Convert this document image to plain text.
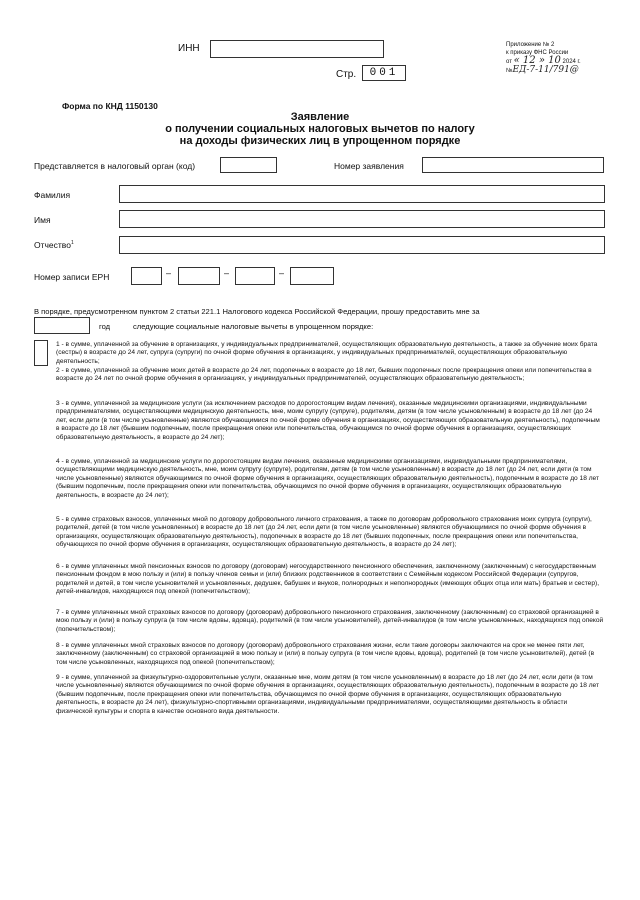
ИНН
Стр.	001
Приложение № 2
к приказу ФНС России
от « 12 » 10 2024 г.
№ЕД-7-11/791@
Форма по КНД 1150130
Заявление
о получении социальных налоговых вычетов по налогу
на доходы физических лиц в упрощенном порядке
Представляется в налоговый орган (код)	Номер заявления
Фамилия
Имя
Отчество$^1$
Номер записи ЕРН	–	–	–
В порядке, предусмотренном пунктом 2 статьи 221.1 Налогового кодекса Российской Федерации, прошу предоставить мне за
год	следующие социальные налоговые вычеты в упрощенном порядке:
1 - в сумме, уплаченной за обучение в организациях, у индивидуальных предпринимателей, осуществляющих образовательную деятельность, а также за обучение моих брата (сестры) в возрасте до 24 лет, супруга (супруги) по очной форме обучения в организациях, у индивидуальных предпринимателей, осуществляющих образовательную деятельность;
2 - в сумме, уплаченной за обучение моих детей в возрасте до 24 лет, подопечных в возрасте до 18 лет, бывших подопечных после прекращения опеки или попечительства в возрасте до 24 лет по очной форме обучения в организациях, у индивидуальных предпринимателей, осуществляющих образовательную деятельность;
3 - в сумме, уплаченной за медицинские услуги (за исключением расходов по дорогостоящим видам лечения), оказанные медицинскими организациями, индивидуальными предпринимателями, осуществляющими медицинскую деятельность, мне, моим супругу (супруге), родителям, детям (в том числе усыновленным) в возрасте до 18 лет (до 24 лет, если дети (в том числе усыновленные) являются обучающимися по очной форме обучения в организациях, осуществляющих образовательную деятельность), подопечным в возрасте до 18 лет (бывшим подопечным, после прекращения опеки или попечительства, обучающимся по очной форме обучения в организациях, осуществляющих образовательную деятельность, в возрасте до 24 лет);
4 - в сумме, уплаченной за медицинские услуги по дорогостоящим видам лечения, оказанные медицинскими организациями, индивидуальными предпринимателями, осуществляющими медицинскую деятельность, мне, моим супругу (супруге), родителям, детям (в том числе усыновленным) в возрасте до 18 лет (до 24 лет, если дети (в том числе усыновленные) являются обучающимися по очной форме обучения в организациях, осуществляющих образовательную деятельность), подопечным в возрасте до 18 лет (бывшим подопечным, после прекращения опеки или попечительства, обучающимся по очной форме обучения в организациях, осуществляющих образовательную деятельность, в возрасте до 24 лет);
5 - в сумме страховых взносов, уплаченных мной по договору добровольного личного страхования, а также по договорам добровольного страхования моих супруга (супруги), родителей, детей (в том числе усыновленных) в возрасте до 18 лет (до 24 лет, если дети (в том числе усыновленные) являются обучающимися по очной форме обучения в организациях, осуществляющих образовательную деятельность), подопечных в возрасте до 18 лет (бывших подопечных, после прекращения опеки или попечительства, обучающихся по очной форме обучения в организациях, осуществляющих образовательную деятельность, в возрасте до 24 лет);
6 - в сумме уплаченных мной пенсионных взносов по договору (договорам) негосударственного пенсионного обеспечения, заключенному (заключенным) с негосударственным пенсионным фондом в мою пользу и (или) в пользу членов семьи и (или) близких родственников в соответствии с Семейным кодексом Российской Федерации (супругов, родителей и детей, в том числе усыновителей и усыновленных, дедушек, бабушек и внуков, полнородных и неполнородных (имеющих общих отца или мать) братьев и сестер), детей-инвалидов, находящихся под опекой (попечительством);
7 - в сумме уплаченных мной страховых взносов по договору (договорам) добровольного пенсионного страхования, заключенному (заключенным) со страховой организацией в мою пользу и (или) в пользу супруга (в том числе вдовы, вдовца), родителей (в том числе усыновителей), детей-инвалидов (в том числе усыновленных, находящихся под опекой (попечительством);
8 - в сумме уплаченных мной страховых взносов по договору (договорам) добровольного страхования жизни, если такие договоры заключаются на срок не менее пяти лет, заключенному (заключенным) со страховой организацией в мою пользу и (или) в пользу супруга (в том числе вдовы, вдовца), родителей (в том числе усыновителей), детей (в том числе усыновленных, находящихся под опекой (попечительством);
9 - в сумме, уплаченной за физкультурно-оздоровительные услуги, оказанные мне, моим детям (в том числе усыновленным) в возрасте до 18 лет (до 24 лет, если дети (в том числе усыновленные) являются обучающимися по очной форме обучения в организациях, осуществляющих образовательную деятельность), подопечным в возрасте до 18 лет (бывшим подопечным, после прекращения опеки или попечительства, обучающимся по очной форме обучения в организациях, осуществляющих образовательную деятельность, в возрасте до 24 лет), физкультурно-спортивными организациями, индивидуальными предпринимателями, осуществляющими деятельность в области физической культуры и спорта в качестве основного вида деятельности.
